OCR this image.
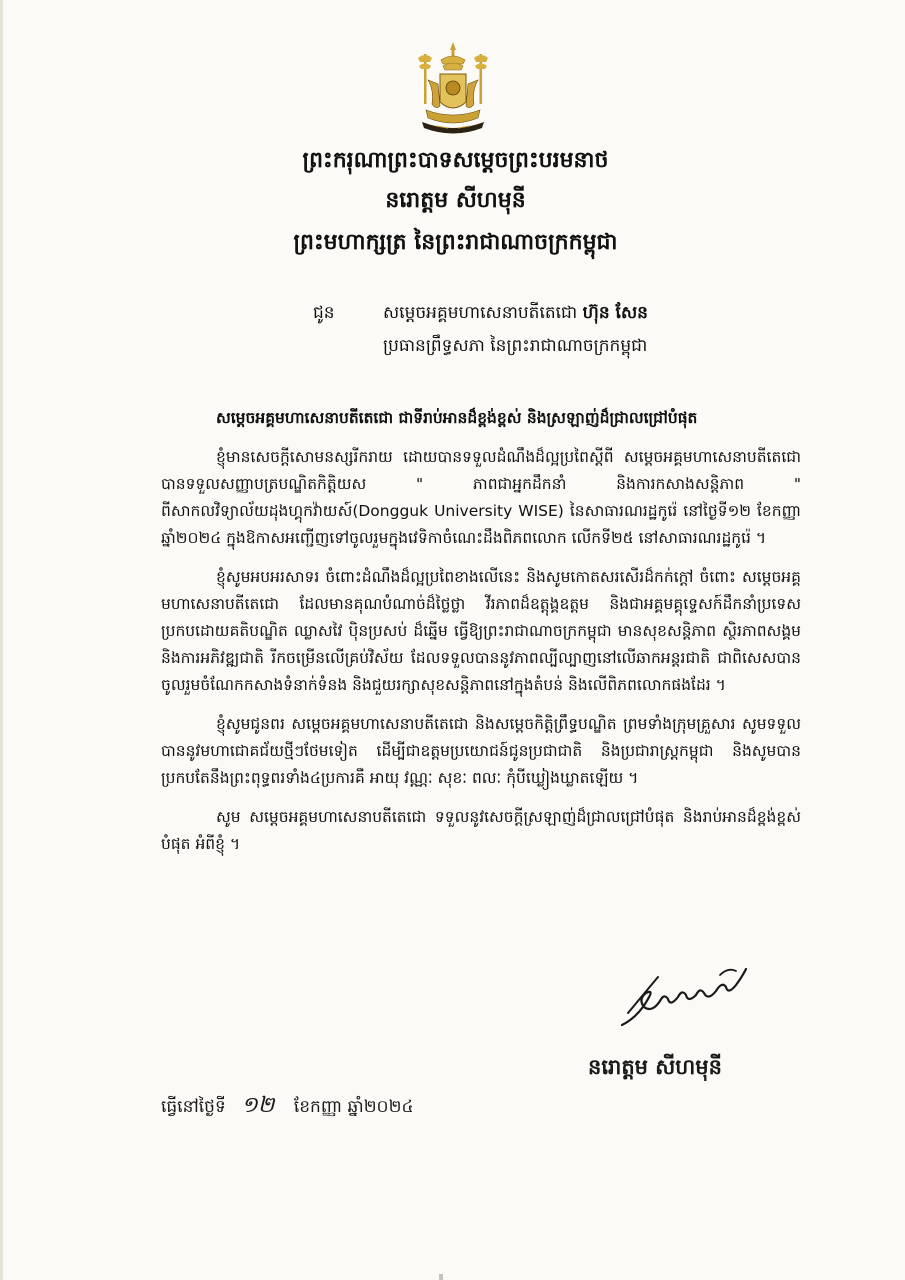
ព្រះករុណាព្រះបាទសម្តេចព្រះបរមនាថ
នរោត្តម សីហមុនី
ព្រះមហាក្សត្រ នៃព្រះរាជាណាចក្រកម្ពុជា
ជូន	សម្តេចអគ្គមហាសេនាបតីតេជោ ហ៊ុន សែន
ប្រធានព្រឹទ្ធសភា នៃព្រះរាជាណាចក្រកម្ពុជា

សម្តេចអគ្គមហាសេនាបតីតេជោ ជាទីរាប់អានដ៏ខ្ពង់ខ្ពស់ និងស្រឡាញ់ដ៏ជ្រាលជ្រៅបំផុត

ខ្ញុំមានសេចក្តីសោមនស្សរីករាយ ដោយបានទទួលដំណឹងដ៏ល្អប្រពៃស្តីពី សម្តេចអគ្គមហាសេនាបតីតេជោ បានទទួលសញ្ញាបត្របណ្ឌិតកិត្តិយស " ភាពជាអ្នកដឹកនាំ និងការកសាងសន្តិភាព " ពីសាកលវិទ្យាល័យដុងហ្គុកវ៉ាយស៍(Dongguk University WISE) នៃសាធារណរដ្ឋកូរ៉េ នៅថ្ងៃទី១២ ខែកញ្ញា ឆ្នាំ២០២៤ ក្នុងឱកាសអញ្ជើញទៅចូលរួមក្នុងវេទិកាចំណេះដឹងពិភពលោក លើកទី២៥ នៅសាធារណរដ្ឋកូរ៉េ ។

ខ្ញុំសូមអបអរសាទរ ចំពោះដំណឹងដ៏ល្អប្រពៃខាងលើនេះ និងសូមកោតសរសើរដ៏កក់ក្តៅ ចំពោះ សម្តេចអគ្គមហាសេនាបតីតេជោ ដែលមានគុណបំណាច់ដ៏ថ្លៃថ្លា វីរភាពដ៏ឧត្តុង្គឧត្តម និងជាអគ្គមគ្គុទ្ទេសក៍ដឹកនាំប្រទេសប្រកបដោយគតិបណ្ឌិត ឈ្លាសវៃ ប៉ិនប្រសប់ ដ៏ឆ្នើម ធ្វើឱ្យព្រះរាជាណាចក្រកម្ពុជា មានសុខសន្តិភាព ស្ថិរភាពសង្គម និងការអភិវឌ្ឍជាតិ រីកចម្រើនលើគ្រប់វិស័យ ដែលទទួលបាននូវភាពល្បីល្បាញនៅលើឆាកអន្តរជាតិ ជាពិសេសបានចូលរួមចំណែកកសាងទំនាក់ទំនង និងជួយរក្សាសុខសន្តិភាពនៅក្នុងតំបន់ និងលើពិភពលោកផងដែរ ។

ខ្ញុំសូមជូនពរ សម្តេចអគ្គមហាសេនាបតីតេជោ និងសម្តេចកិត្តិព្រឹទ្ធបណ្ឌិត ព្រមទាំងក្រុមគ្រួសារ សូមទទួលបាននូវមហាជោគជ័យថ្មីៗថែមទៀត ដើម្បីជាឧត្តមប្រយោជន៍ជូនប្រជាជាតិ និងប្រជារាស្ត្រកម្ពុជា និងសូមបានប្រកបតែនឹងព្រះពុទ្ធពរទាំង៤ប្រការគឺ អាយុ វណ្ណៈ សុខៈ ពលៈ កុំបីឃ្លៀងឃ្លាតឡើយ ។

សូម សម្តេចអគ្គមហាសេនាបតីតេជោ ទទួលនូវសេចក្តីស្រឡាញ់ដ៏ជ្រាលជ្រៅបំផុត និងរាប់អានដ៏ខ្ពង់ខ្ពស់បំផុត អំពីខ្ញុំ ។

នរោត្តម សីហមុនី
ធ្វើនៅថ្ងៃទី ១២ ខែកញ្ញា ឆ្នាំ២០២៤
